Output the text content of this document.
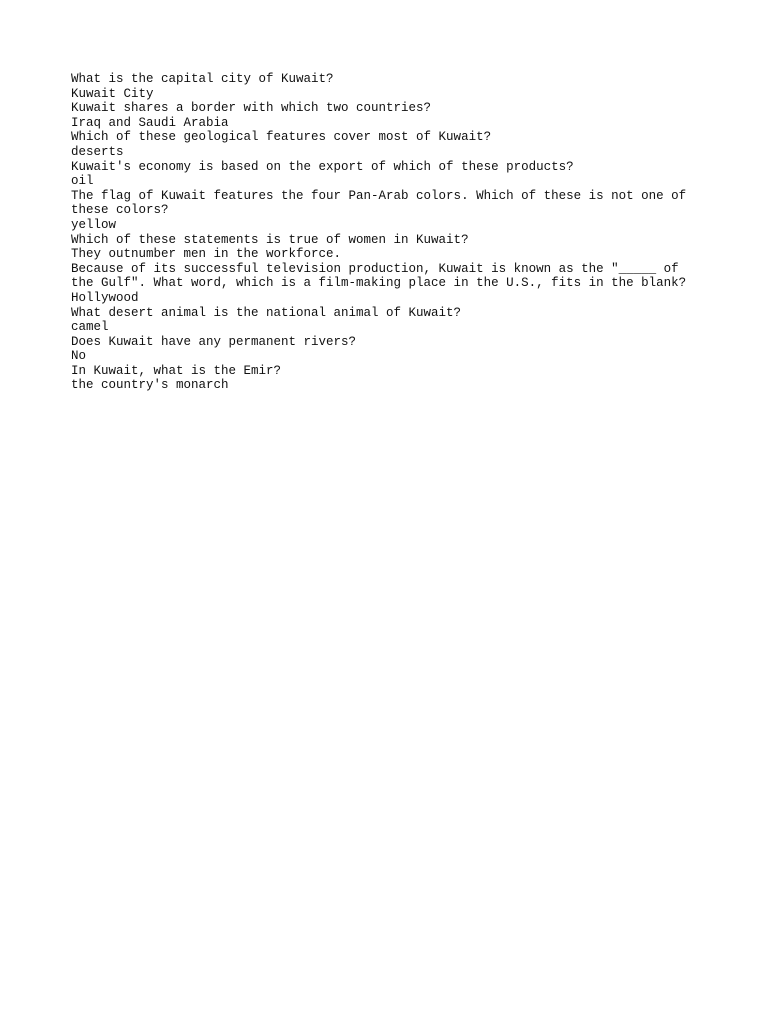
What is the capital city of Kuwait?
Kuwait City
Kuwait shares a border with which two countries?
Iraq and Saudi Arabia
Which of these geological features cover most of Kuwait?
deserts
Kuwait's economy is based on the export of which of these products?
oil
The flag of Kuwait features the four Pan-Arab colors. Which of these is not one of these colors?
yellow
Which of these statements is true of women in Kuwait?
They outnumber men in the workforce.
Because of its successful television production, Kuwait is known as the "_____ of the Gulf". What word, which is a film-making place in the U.S., fits in the blank?
Hollywood
What desert animal is the national animal of Kuwait?
camel
Does Kuwait have any permanent rivers?
No
In Kuwait, what is the Emir?
the country's monarch
